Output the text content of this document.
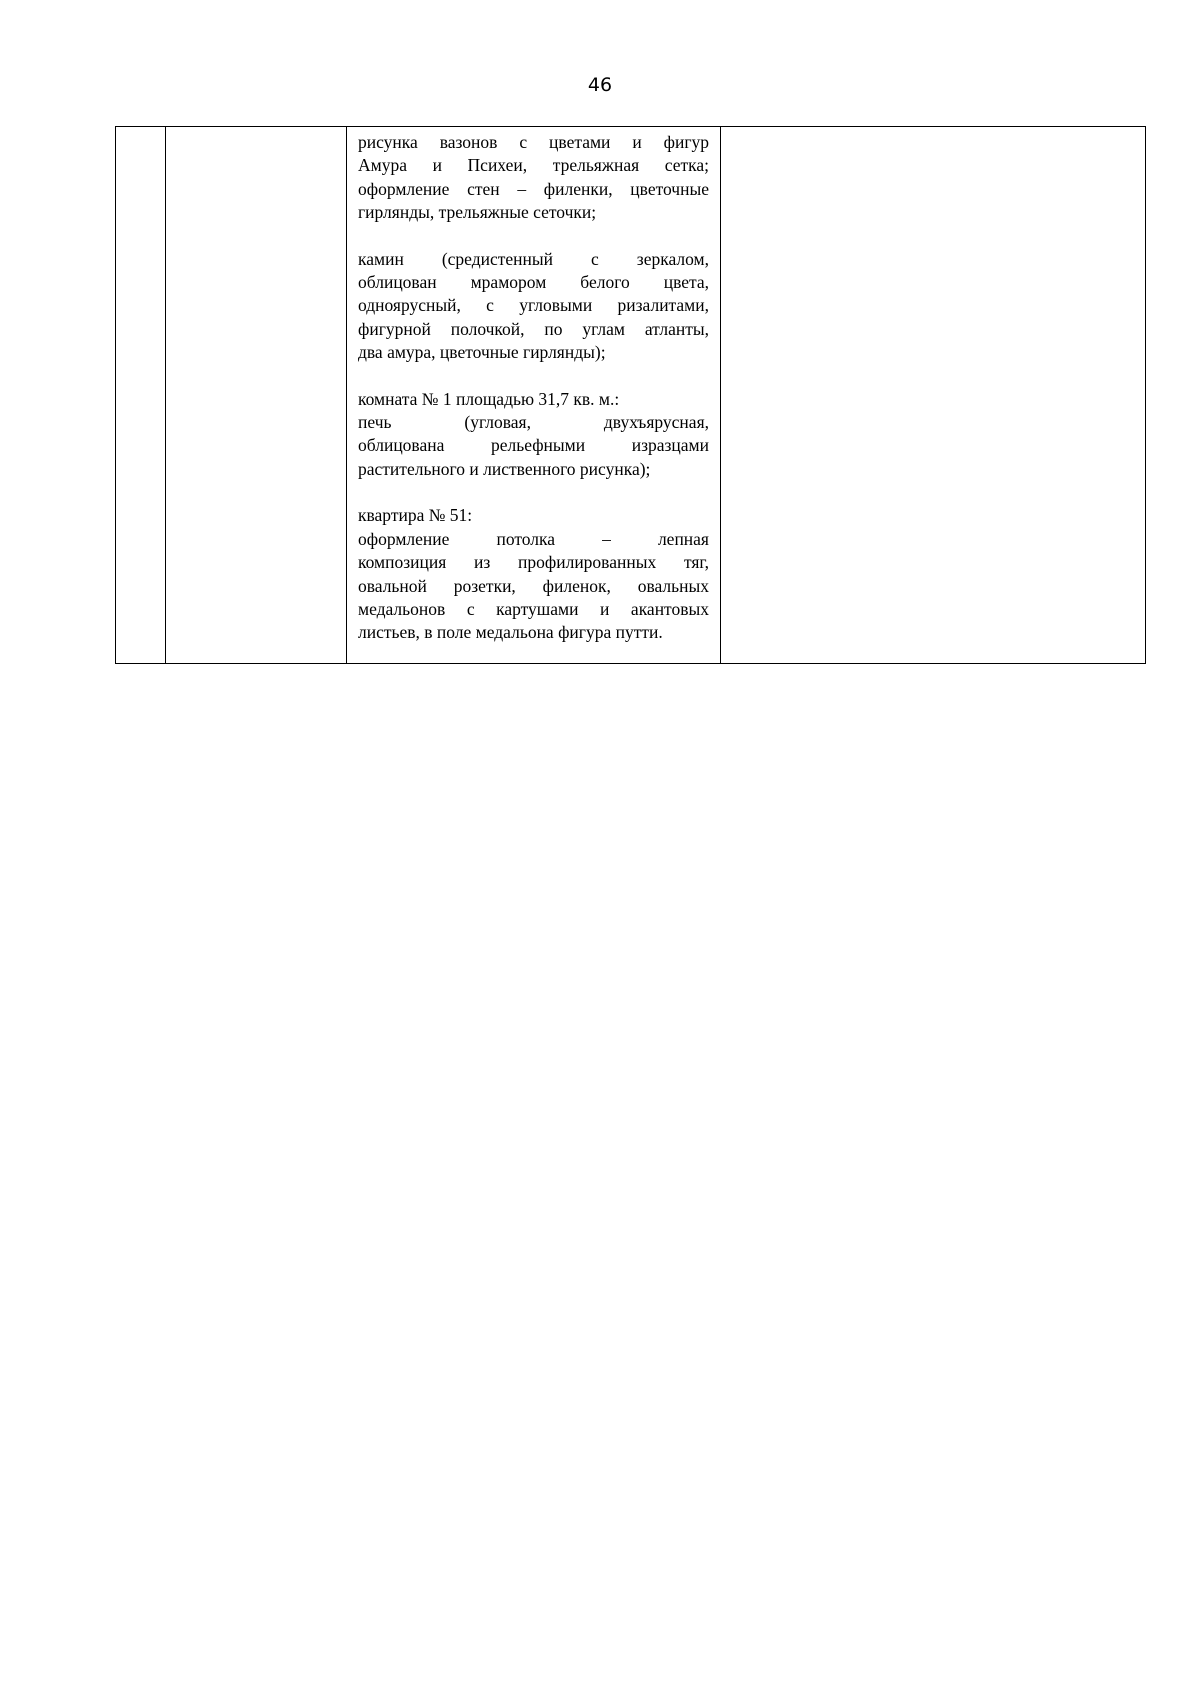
46

рисунка вазонов с цветами и фигур
Амура и Психеи, трельяжная сетка;
оформление стен – филенки, цветочные
гирлянды, трельяжные сеточки;
камин (средистенный с зеркалом,
облицован мрамором белого цвета,
одноярусный, с угловыми ризалитами,
фигурной полочкой, по углам атланты,
два амура, цветочные гирлянды);
комната № 1 площадью 31,7 кв. м.:
печь (угловая, двухъярусная,
облицована рельефными изразцами
растительного и лиственного рисунка);
квартира № 51:
оформление потолка – лепная
композиция из профилированных тяг,
овальной розетки, филенок, овальных
медальонов с картушами и акантовых
листьев, в поле медальона фигура путти.
